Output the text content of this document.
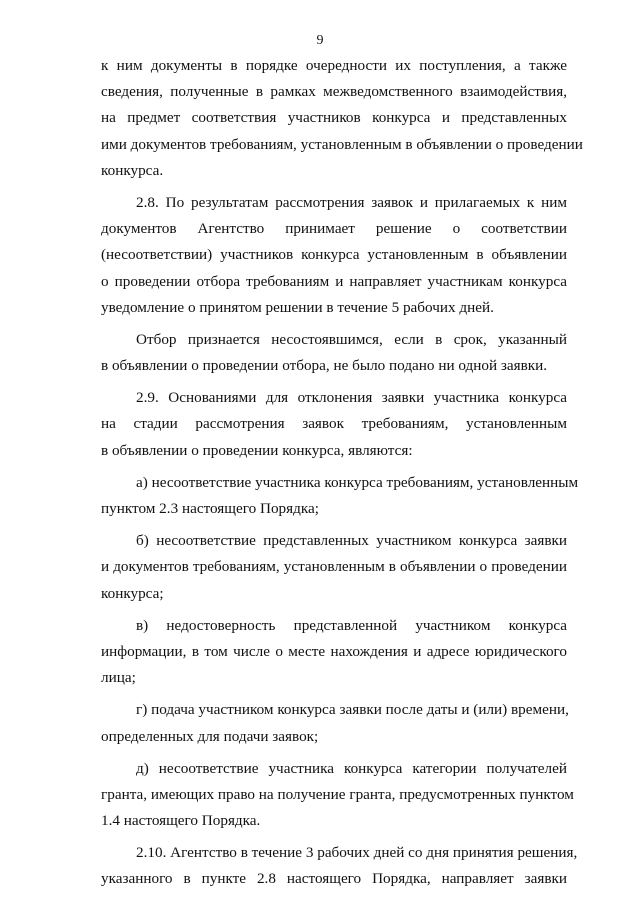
9
к ним документы в порядке очередности их поступления, а также
сведения, полученные в рамках межведомственного взаимодействия,
на предмет соответствия участников конкурса и представленных
ими документов требованиям, установленным в объявлении о проведении
конкурса.
2.8. По результатам рассмотрения заявок и прилагаемых к ним
документов Агентство принимает решение о соответствии
(несоответствии) участников конкурса установленным в объявлении
о проведении отбора требованиям и направляет участникам конкурса
уведомление о принятом решении в течение 5 рабочих дней.
Отбор признается несостоявшимся, если в срок, указанный
в объявлении о проведении отбора, не было подано ни одной заявки.
2.9. Основаниями для отклонения заявки участника конкурса
на стадии рассмотрения заявок требованиям, установленным
в объявлении о проведении конкурса, являются:
а) несоответствие участника конкурса требованиям, установленным
пунктом 2.3 настоящего Порядка;
б) несоответствие представленных участником конкурса заявки
и документов требованиям, установленным в объявлении о проведении
конкурса;
в) недостоверность представленной участником конкурса
информации, в том числе о месте нахождения и адресе юридического
лица;
г) подача участником конкурса заявки после даты и (или) времени,
определенных для подачи заявок;
д) несоответствие участника конкурса категории получателей
гранта, имеющих право на получение гранта, предусмотренных пунктом
1.4 настоящего Порядка.
2.10. Агентство в течение 3 рабочих дней со дня принятия решения,
указанного в пункте 2.8 настоящего Порядка, направляет заявки
